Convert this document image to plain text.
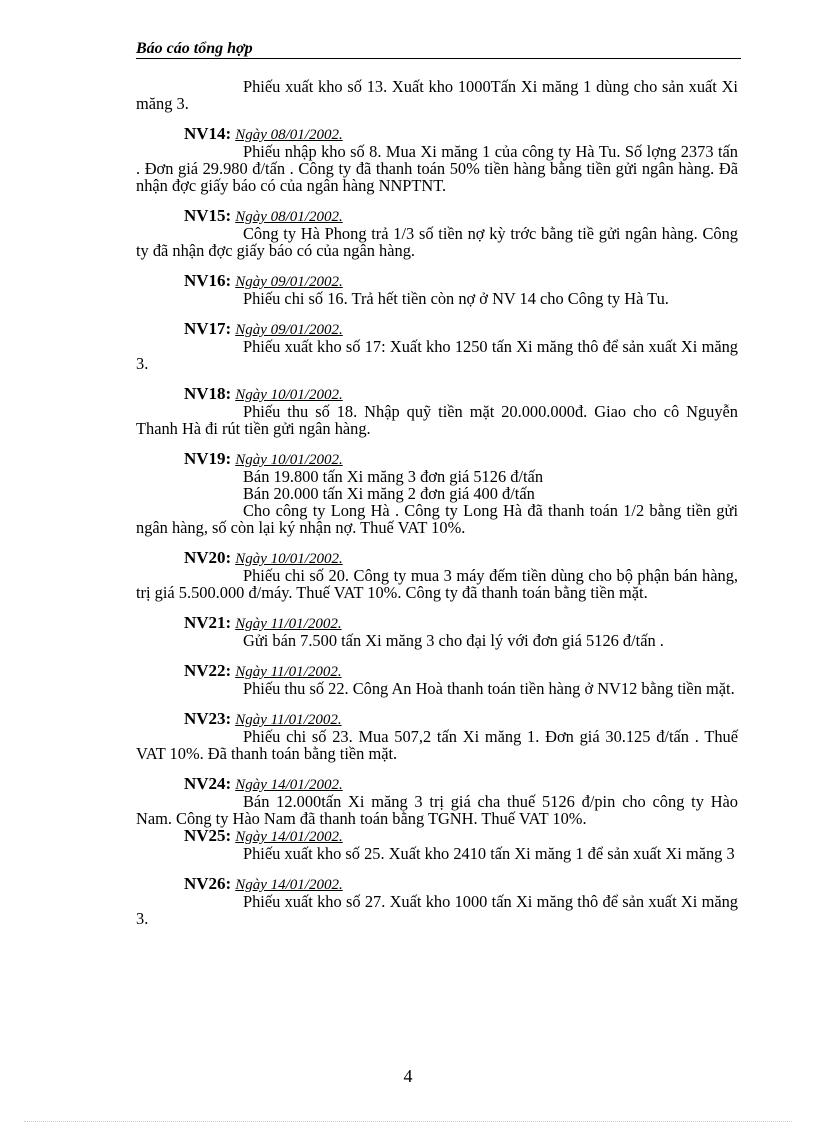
Báo cáo tổng hợp

Phiếu xuất kho số 13. Xuất kho 1000Tấn Xi măng 1 dùng cho sản xuất Xi măng 3.

NV14: Ngày 08/01/2002.

Phiếu nhập kho số 8. Mua Xi măng 1 của công ty Hà Tu. Số lợng 2373 tấn . Đơn giá 29.980 đ/tấn . Công ty đã thanh toán 50% tiền hàng bằng tiền gửi ngân hàng. Đã nhận đợc giấy báo có của ngân hàng NNPTNT.

NV15: Ngày 08/01/2002.

Công ty Hà Phong trả 1/3 số tiền nợ kỳ trớc bằng tiề gửi ngân hàng. Công ty đã nhận đợc giấy báo có của ngân hàng.

NV16: Ngày 09/01/2002.

Phiếu chi số 16. Trả hết tiền còn nợ ở NV 14 cho Công ty Hà Tu.

NV17: Ngày 09/01/2002.

Phiếu xuất kho số 17: Xuất kho 1250 tấn Xi măng thô để sản xuất Xi măng 3.

NV18: Ngày 10/01/2002.

Phiếu thu số 18. Nhập quỹ tiền mặt 20.000.000đ. Giao cho cô Nguyễn Thanh Hà đi rút tiền gửi ngân hàng.

NV19: Ngày 10/01/2002.
Bán 19.800 tấn Xi măng 3 đơn giá 5126 đ/tấn
Bán 20.000 tấn Xi măng 2 đơn giá 400 đ/tấn

Cho công ty Long Hà . Công ty Long Hà đã thanh toán 1/2 bằng tiền gửi ngân hàng, số còn lại ký nhận nợ. Thuế VAT 10%.

NV20: Ngày 10/01/2002.

Phiếu chi số 20. Công ty mua 3 máy đếm tiền dùng cho bộ phận bán hàng, trị giá 5.500.000 đ/máy. Thuế VAT 10%. Công ty đã thanh toán bằng tiền mặt.

NV21: Ngày 11/01/2002.

Gửi bán 7.500 tấn Xi măng 3 cho đại lý với đơn giá 5126 đ/tấn .

NV22: Ngày 11/01/2002.

Phiếu thu số 22. Công An Hoà thanh toán tiền hàng ở NV12 bằng tiền mặt.

NV23: Ngày 11/01/2002.

Phiếu chi số 23. Mua 507,2 tấn Xi măng 1. Đơn giá 30.125 đ/tấn . Thuế VAT 10%. Đã thanh toán bằng tiền mặt.

NV24: Ngày 14/01/2002.

Bán 12.000tấn Xi măng 3 trị giá cha thuế 5126 đ/pin cho công ty Hào Nam. Công ty Hào Nam đã thanh toán bằng TGNH. Thuế VAT 10%.

NV25: Ngày 14/01/2002.

Phiếu xuất kho số 25. Xuất kho 2410 tấn Xi măng 1 để sản xuất Xi măng 3

NV26: Ngày 14/01/2002.

Phiếu xuất kho số 27. Xuất kho 1000 tấn Xi măng thô để sản xuất Xi măng 3.

4
